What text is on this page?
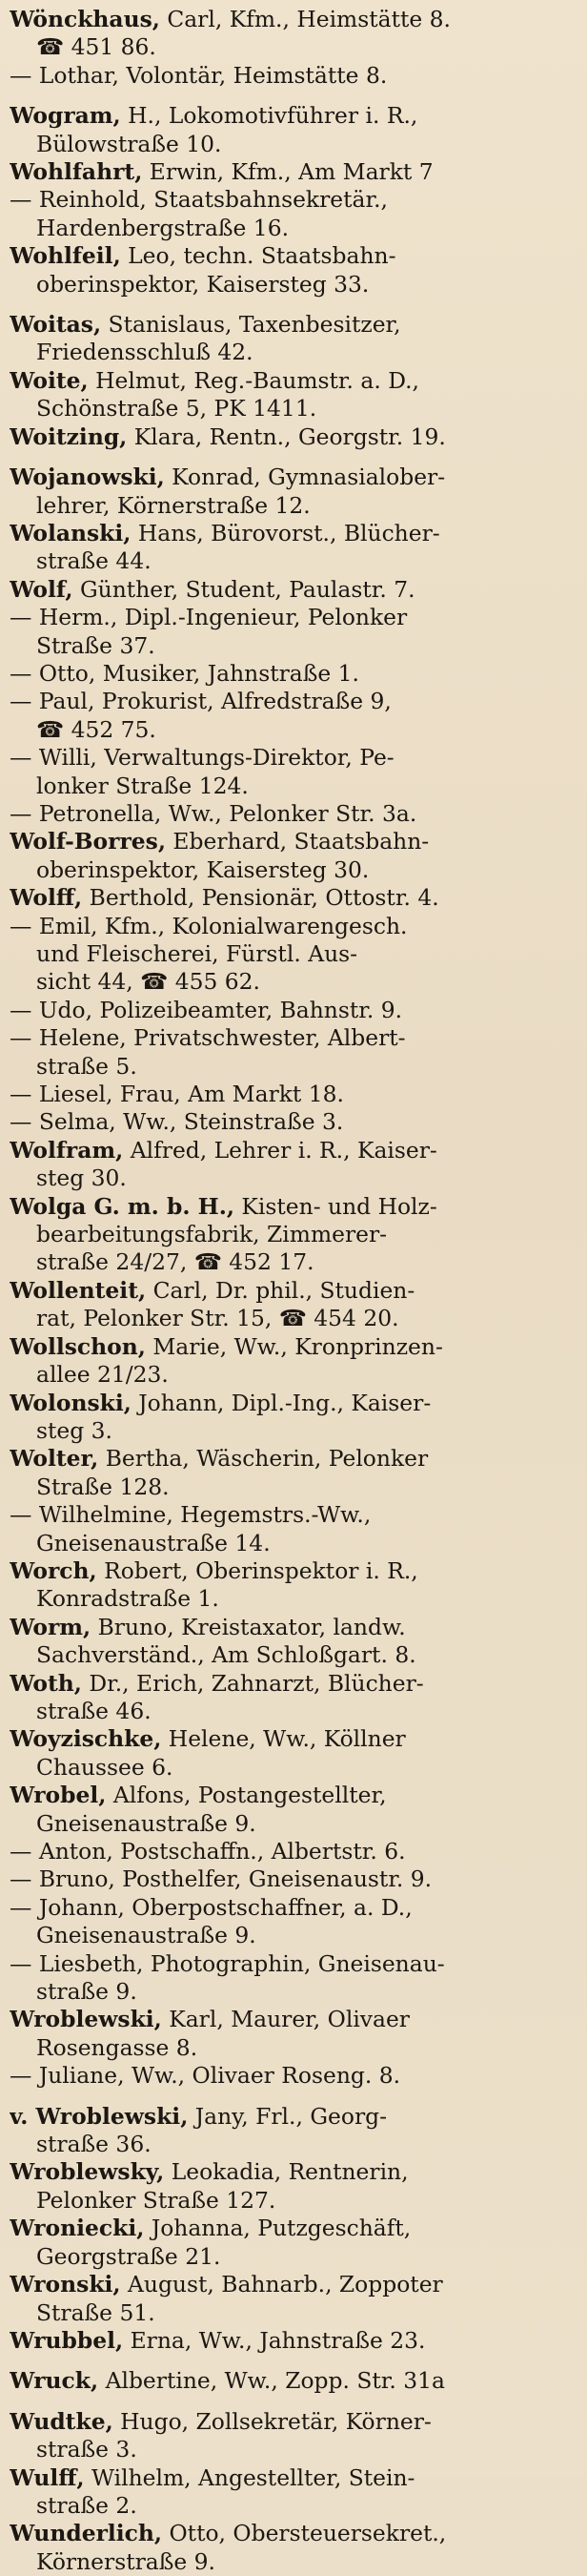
Wönckhaus, Carl, Kfm., Heimstätte 8.
☎ 451 86.
— Lothar, Volontär, Heimstätte 8.
Wogram, H., Lokomotivführer i. R.,
Bülowstraße 10.
Wohlfahrt, Erwin, Kfm., Am Markt 7
— Reinhold, Staatsbahnsekretär.,
Hardenbergstraße 16.
Wohlfeil, Leo, techn. Staatsbahn-
oberinspektor, Kaisersteg 33.
Woitas, Stanislaus, Taxenbesitzer,
Friedensschluß 42.
Woite, Helmut, Reg.-Baumstr. a. D.,
Schönstraße 5, PK 1411.
Woitzing, Klara, Rentn., Georgstr. 19.
Wojanowski, Konrad, Gymnasialober-
lehrer, Körnerstraße 12.
Wolanski, Hans, Bürovorst., Blücher-
straße 44.
Wolf, Günther, Student, Paulastr. 7.
— Herm., Dipl.-Ingenieur, Pelonker
Straße 37.
— Otto, Musiker, Jahnstraße 1.
— Paul, Prokurist, Alfredstraße 9,
☎ 452 75.
— Willi, Verwaltungs-Direktor, Pe-
lonker Straße 124.
— Petronella, Ww., Pelonker Str. 3a.
Wolf-Borres, Eberhard, Staatsbahn-
oberinspektor, Kaisersteg 30.
Wolff, Berthold, Pensionär, Ottostr. 4.
— Emil, Kfm., Kolonialwarengesch.
und Fleischerei, Fürstl. Aus-
sicht 44, ☎ 455 62.
— Udo, Polizeibeamter, Bahnstr. 9.
— Helene, Privatschwester, Albert-
straße 5.
— Liesel, Frau, Am Markt 18.
— Selma, Ww., Steinstraße 3.
Wolfram, Alfred, Lehrer i. R., Kaiser-
steg 30.
Wolga G. m. b. H., Kisten- und Holz-
bearbeitungsfabrik, Zimmerer-
straße 24/27, ☎ 452 17.
Wollenteit, Carl, Dr. phil., Studien-
rat, Pelonker Str. 15, ☎ 454 20.
Wollschon, Marie, Ww., Kronprinzen-
allee 21/23.
Wolonski, Johann, Dipl.-Ing., Kaiser-
steg 3.
Wolter, Bertha, Wäscherin, Pelonker
Straße 128.
— Wilhelmine, Hegemstrs.-Ww.,
Gneisenaustraße 14.
Worch, Robert, Oberinspektor i. R.,
Konradstraße 1.
Worm, Bruno, Kreistaxator, landw.
Sachverständ., Am Schloßgart. 8.
Woth, Dr., Erich, Zahnarzt, Blücher-
straße 46.
Woyzischke, Helene, Ww., Köllner
Chaussee 6.
Wrobel, Alfons, Postangestellter,
Gneisenaustraße 9.
— Anton, Postschaffn., Albertstr. 6.
— Bruno, Posthelfer, Gneisenaustr. 9.
— Johann, Oberpostschaffner, a. D.,
Gneisenaustraße 9.
— Liesbeth, Photographin, Gneisenau-
straße 9.
Wroblewski, Karl, Maurer, Olivaer
Rosengasse 8.
— Juliane, Ww., Olivaer Roseng. 8.
v. Wroblewski, Jany, Frl., Georg-
straße 36.
Wroblewsky, Leokadia, Rentnerin,
Pelonker Straße 127.
Wroniecki, Johanna, Putzgeschäft,
Georgstraße 21.
Wronski, August, Bahnarb., Zoppoter
Straße 51.
Wrubbel, Erna, Ww., Jahnstraße 23.
Wruck, Albertine, Ww., Zopp. Str. 31a
Wudtke, Hugo, Zollsekretär, Körner-
straße 3.
Wulff, Wilhelm, Angestellter, Stein-
straße 2.
Wunderlich, Otto, Obersteuersekret.,
Körnerstraße 9.
